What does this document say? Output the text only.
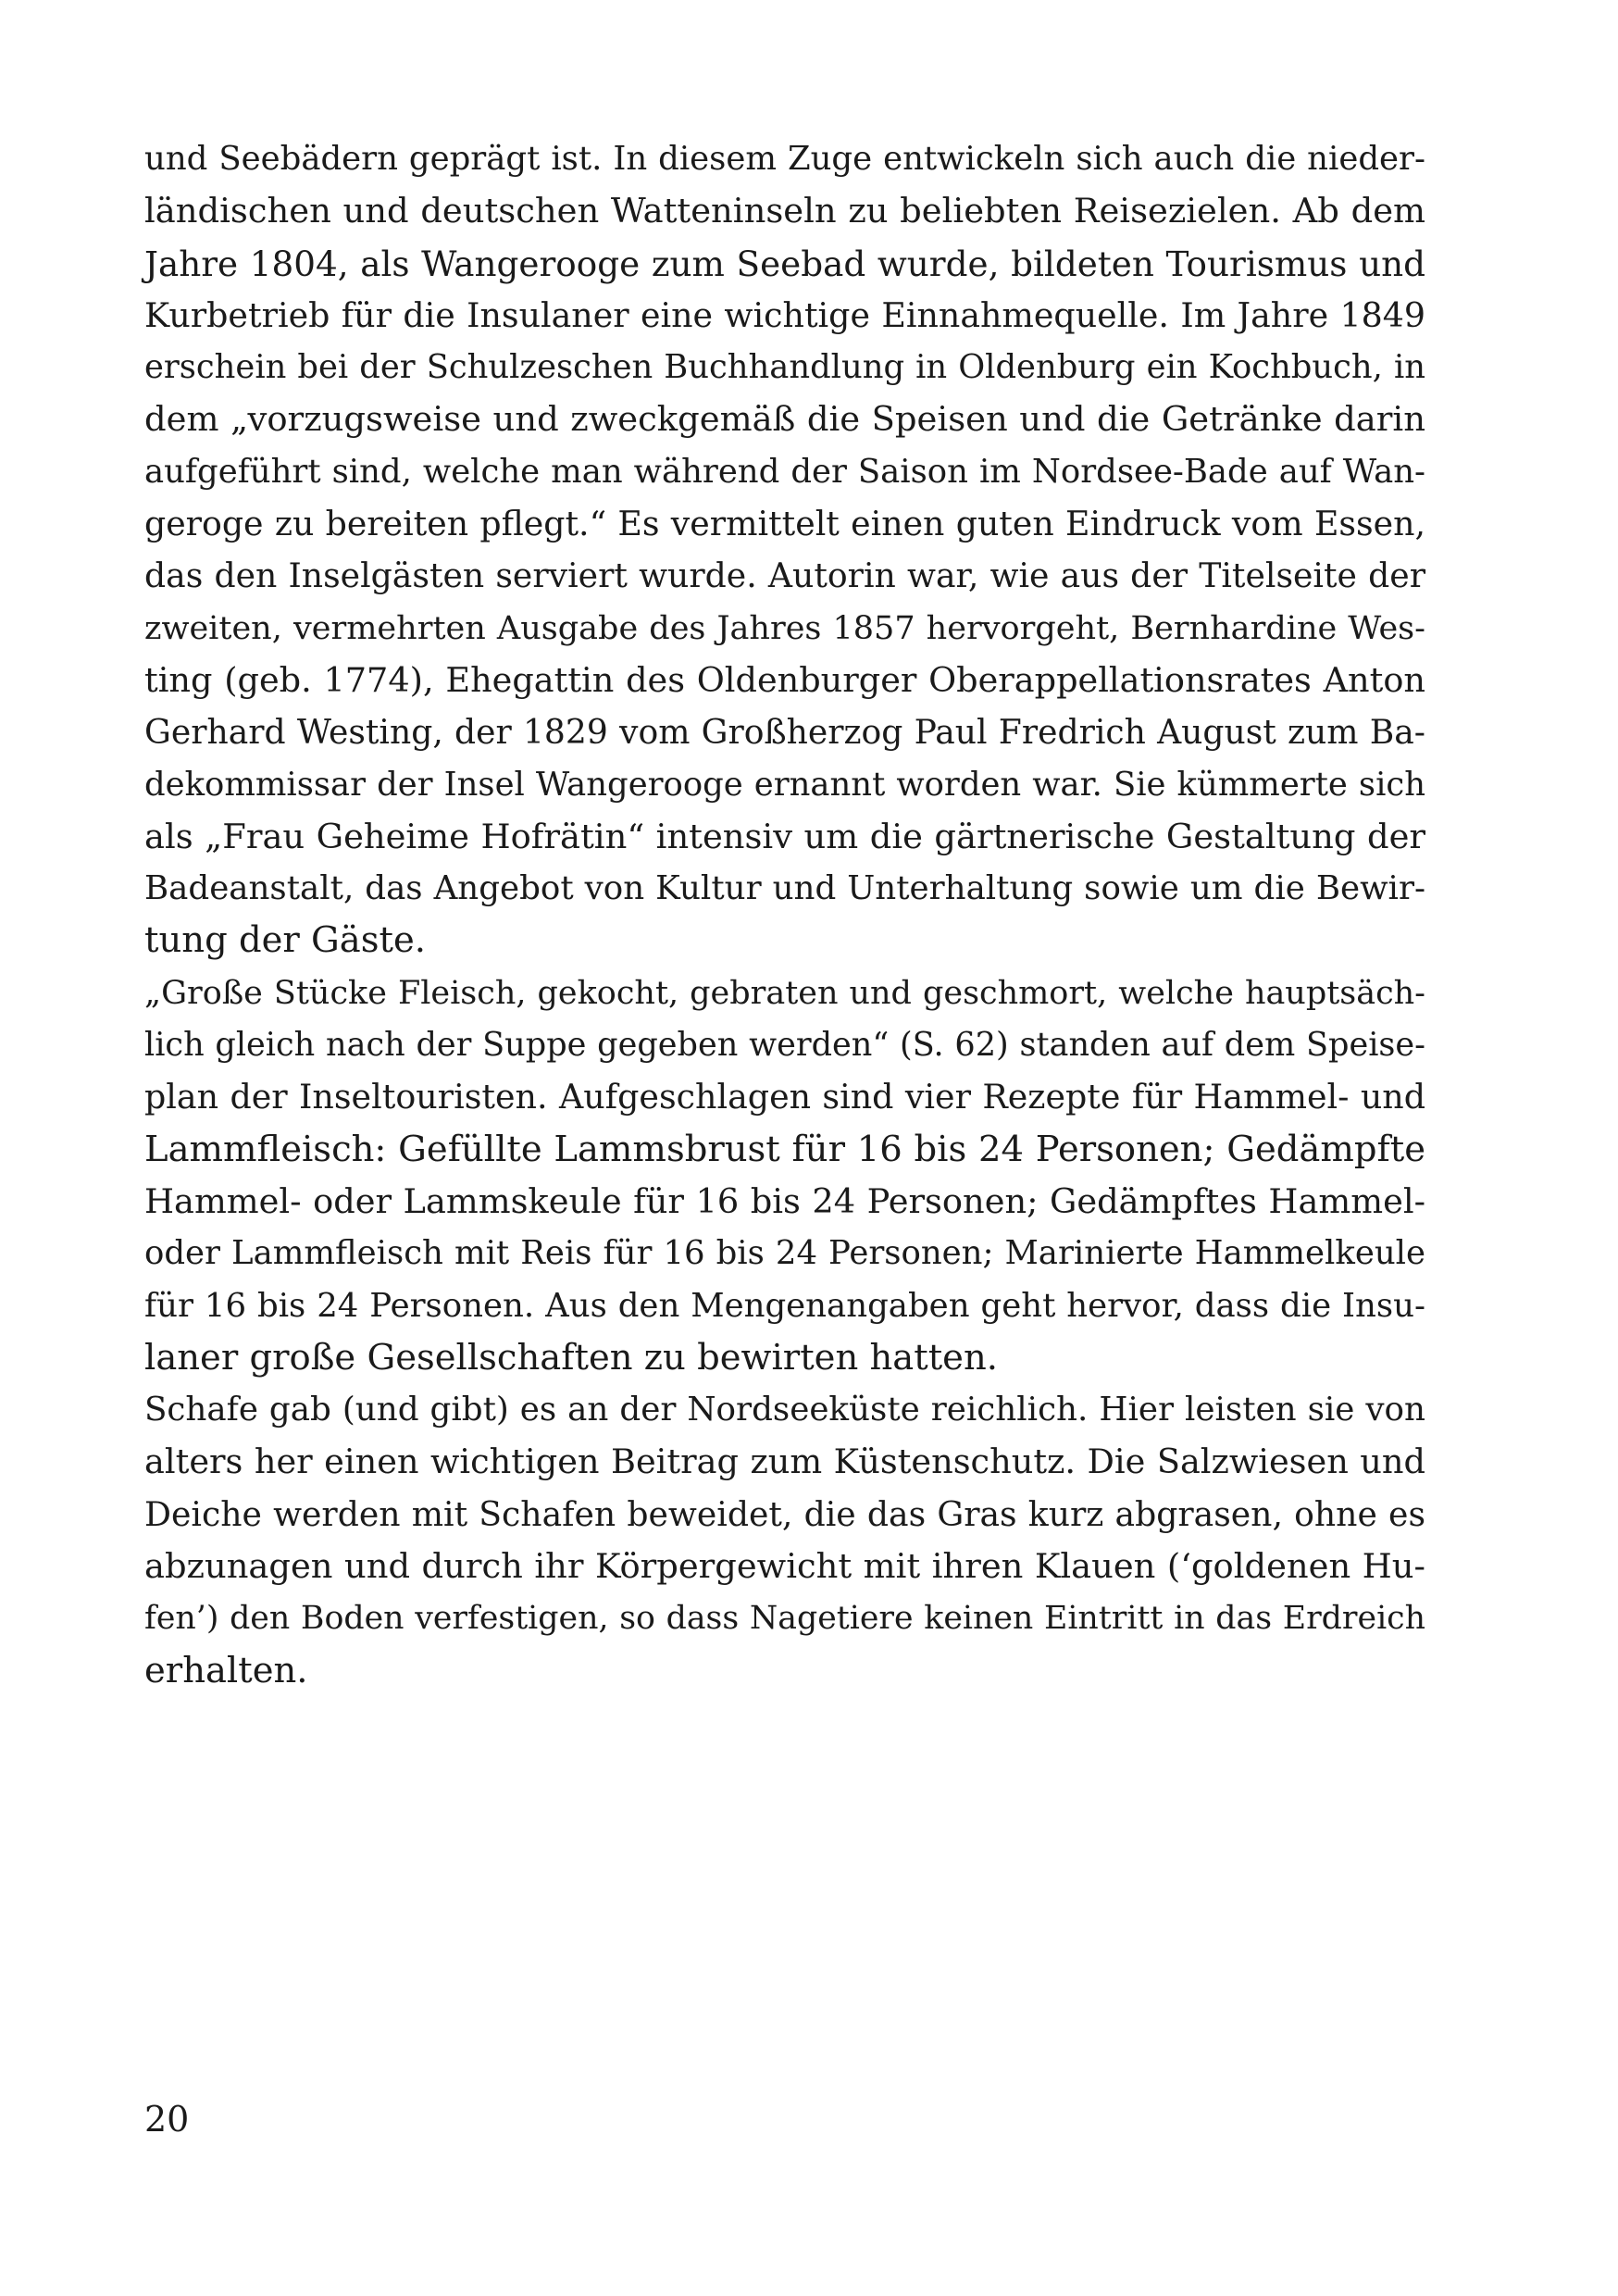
und Seebädern geprägt ist. In diesem Zuge entwickeln sich auch die nieder-
ländischen und deutschen Watteninseln zu beliebten Reisezielen. Ab dem
Jahre 1804, als Wangerooge zum Seebad wurde, bildeten Tourismus und
Kurbetrieb für die Insulaner eine wichtige Einnahmequelle. Im Jahre 1849
erschein bei der Schulzeschen Buchhandlung in Oldenburg ein Kochbuch, in
dem „vorzugsweise und zweckgemäß die Speisen und die Getränke darin
aufgeführt sind, welche man während der Saison im Nordsee-Bade auf Wan-
geroge zu bereiten pflegt.“ Es vermittelt einen guten Eindruck vom Essen,
das den Inselgästen serviert wurde. Autorin war, wie aus der Titelseite der
zweiten, vermehrten Ausgabe des Jahres 1857 hervorgeht, Bernhardine Wes-
ting (geb. 1774), Ehegattin des Oldenburger Oberappellationsrates Anton
Gerhard Westing, der 1829 vom Großherzog Paul Fredrich August zum Ba-
dekommissar der Insel Wangerooge ernannt worden war. Sie kümmerte sich
als „Frau Geheime Hofrätin“ intensiv um die gärtnerische Gestaltung der
Badeanstalt, das Angebot von Kultur und Unterhaltung sowie um die Bewir-
tung der Gäste.
„Große Stücke Fleisch, gekocht, gebraten und geschmort, welche hauptsäch-
lich gleich nach der Suppe gegeben werden“ (S. 62) standen auf dem Speise-
plan der Inseltouristen. Aufgeschlagen sind vier Rezepte für Hammel- und
Lammfleisch: Gefüllte Lammsbrust für 16 bis 24 Personen; Gedämpfte
Hammel- oder Lammskeule für 16 bis 24 Personen; Gedämpftes Hammel-
oder Lammfleisch mit Reis für 16 bis 24 Personen; Marinierte Hammelkeule
für 16 bis 24 Personen. Aus den Mengenangaben geht hervor, dass die Insu-
laner große Gesellschaften zu bewirten hatten.
Schafe gab (und gibt) es an der Nordseeküste reichlich. Hier leisten sie von
alters her einen wichtigen Beitrag zum Küstenschutz. Die Salzwiesen und
Deiche werden mit Schafen beweidet, die das Gras kurz abgrasen, ohne es
abzunagen und durch ihr Körpergewicht mit ihren Klauen (‘goldenen Hu-
fen’) den Boden verfestigen, so dass Nagetiere keinen Eintritt in das Erdreich
erhalten.
20
